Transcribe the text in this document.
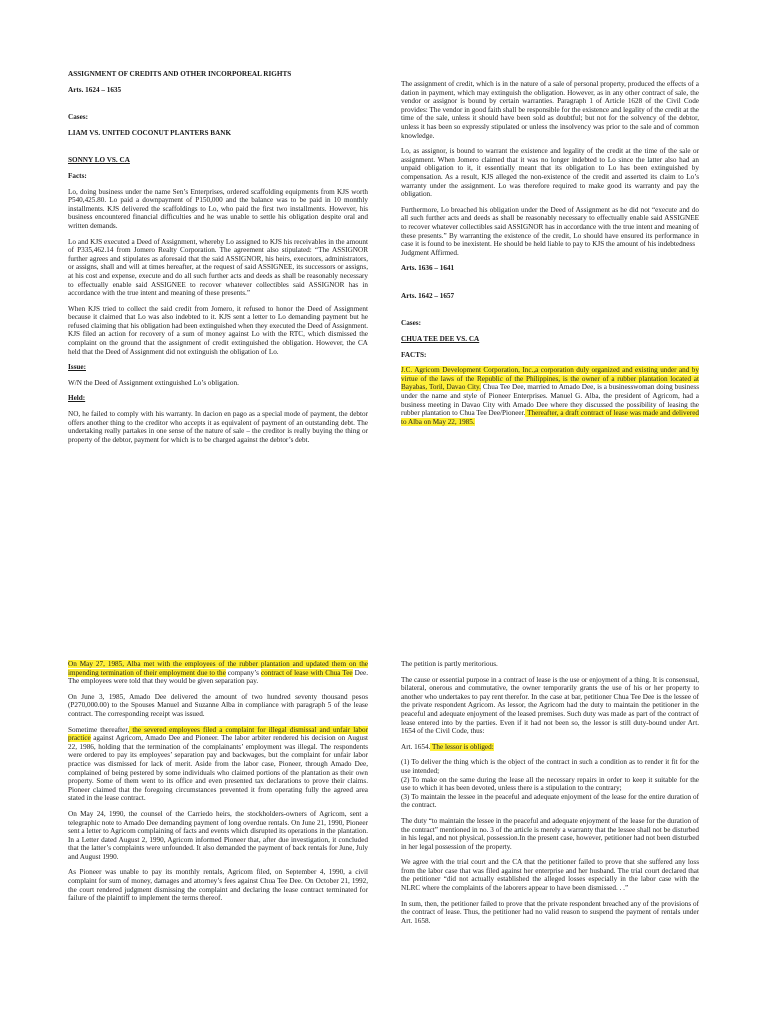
ASSIGNMENT OF CREDITS AND OTHER INCORPOREAL RIGHTS

Arts. 1624 – 1635

Cases:

LIAM VS. UNITED COCONUT PLANTERS BANK

SONNY LO VS. CA

Facts:

Lo, doing business under the name Sen’s Enterprises, ordered scaffolding equipments from KJS worth P540,425.80. Lo paid a downpayment of P150,000 and the balance was to be paid in 10 monthly installments. KJS delivered the scaffoldings to Lo, who paid the first two installments. However, his business encountered financial difficulties and he was unable to settle his obligation despite oral and written demands.

Lo and KJS executed a Deed of Assignment, whereby Lo assigned to KJS his receivables in the amount of P335,462.14 from Jomero Realty Corporation. The agreement also stipulated: “The ASSIGNOR further agrees and stipulates as aforesaid that the said ASSIGNOR, his heirs, executors, administrators, or assigns, shall and will at times hereafter, at the request of said ASSIGNEE, its successors or assigns, at his cost and expense, execute and do all such further acts and deeds as shall be reasonably necessary to effectually enable said ASSIGNEE to recover whatever collectibles said ASSIGNOR has in accordance with the true intent and meaning of these presents.”

When KJS tried to collect the said credit from Jomero, it refused to honor the Deed of Assignment because it claimed that Lo was also indebted to it. KJS sent a letter to Lo demanding payment but he refused claiming that his obligation had been extinguished when they executed the Deed of Assignment. KJS filed an action for recovery of a sum of money against Lo with the RTC, which dismissed the complaint on the ground that the assignment of credit extinguished the obligation. However, the CA held that the Deed of Assignment did not extinguish the obligation of Lo.

Issue:

W/N the Deed of Assignment extinguished Lo’s obligation.

Held:

NO, he failed to comply with his warranty. In dacion en pago as a special mode of payment, the debtor offers another thing to the creditor who accepts it as equivalent of payment of an outstanding debt. The undertaking really partakes in one sense of the nature of sale – the creditor is really buying the thing or property of the debtor, payment for which is to be charged against the debtor’s debt.

The assignment of credit, which is in the nature of a sale of personal property, produced the effects of a dation in payment, which may extinguish the obligation. However, as in any other contract of sale, the vendor or assignor is bound by certain warranties. Paragraph 1 of Article 1628 of the Civil Code provides: The vendor in good faith shall be responsible for the existence and legality of the credit at the time of the sale, unless it should have been sold as doubtful; but not for the solvency of the debtor, unless it has been so expressly stipulated or unless the insolvency was prior to the sale and of common knowledge.

Lo, as assignor, is bound to warrant the existence and legality of the credit at the time of the sale or assignment. When Jomero claimed that it was no longer indebted to Lo since the latter also had an unpaid obligation to it, it essentially meant that its obligation to Lo has been extinguished by compensation. As a result, KJS alleged the non-existence of the credit and asserted its claim to Lo’s warranty under the assignment. Lo was therefore required to make good its warranty and pay the obligation.

Furthermore, Lo breached his obligation under the Deed of Assignment as he did not “execute and do all such further acts and deeds as shall be reasonably necessary to effectually enable said ASSIGNEE to recover whatever collectibles said ASSIGNOR has in accordance with the true intent and meaning of these presents.” By warranting the existence of the credit, Lo should have ensured its performance in case it is found to be inexistent. He should be held liable to pay to KJS the amount of his indebtedness

Judgment Affirmed.

Arts. 1636 – 1641

Arts. 1642 – 1657

Cases:

CHUA TEE DEE VS. CA

FACTS:

J.C. Agricom Development Corporation, Inc.,a corporation duly organized and existing under and by virtue of the laws of the Republic of the Philippines, is the owner of a rubber plantation located at Bayabas, Toril, Davao City. Chua Tee Dee, married to Amado Dee, is a businesswoman doing business under the name and style of Pioneer Enterprises. Manuel G. Alba, the president of Agricom, had a business meeting in Davao City with Amado Dee where they discussed the possibility of leasing the rubber plantation to Chua Tee Dee/Pioneer. Thereafter, a draft contract of lease was made and delivered to Alba on May 22, 1985.

On May 27, 1985, Alba met with the employees of the rubber plantation and updated them on the impending termination of their employment due to the company’s contract of lease with Chua Tee Dee. The employees were told that they would be given separation pay.

On June 3, 1985, Amado Dee delivered the amount of two hundred seventy thousand pesos (P270,000.00) to the Spouses Manuel and Suzanne Alba in compliance with paragraph 5 of the lease contract. The corresponding receipt was issued.

Sometime thereafter, the severed employees filed a complaint for illegal dismissal and unfair labor practice against Agricom, Amado Dee and Pioneer. The labor arbiter rendered his decision on August 22, 1986, holding that the termination of the complainants’ employment was illegal. The respondents were ordered to pay its employees’ separation pay and backwages, but the complaint for unfair labor practice was dismissed for lack of merit. Aside from the labor case, Pioneer, through Amado Dee, complained of being pestered by some individuals who claimed portions of the plantation as their own property. Some of them went to its office and even presented tax declarations to prove their claims. Pioneer claimed that the foregoing circumstances prevented it from operating fully the agreed area stated in the lease contract.

On May 24, 1990, the counsel of the Carriedo heirs, the stockholders-owners of Agricom, sent a telegraphic note to Amado Dee demanding payment of long overdue rentals. On June 21, 1990, Pioneer sent a letter to Agricom complaining of facts and events which disrupted its operations in the plantation. In a Letter dated August 2, 1990, Agricom informed Pioneer that, after due investigation, it concluded that the latter’s complaints were unfounded. It also demanded the payment of back rentals for June, July and August 1990.

As Pioneer was unable to pay its monthly rentals, Agricom filed, on September 4, 1990, a civil complaint for sum of money, damages and attorney’s fees against Chua Tee Dee. On October 21, 1992, the court rendered judgment dismissing the complaint and declaring the lease contract terminated for failure of the plaintiff to implement the terms thereof.

The petition is partly meritorious.

The cause or essential purpose in a contract of lease is the use or enjoyment of a thing. It is consensual, bilateral, onerous and commutative, the owner temporarily grants the use of his or her property to another who undertakes to pay rent therefor. In the case at bar, petitioner Chua Tee Dee is the lessee of the private respondent Agricom. As lessor, the Agricom had the duty to maintain the petitioner in the peaceful and adequate enjoyment of the leased premises. Such duty was made as part of the contract of lease entered into by the parties. Even if it had not been so, the lessor is still duty-bound under Art. 1654 of the Civil Code, thus:

Art. 1654. The lessor is obliged:

(1) To deliver the thing which is the object of the contract in such a condition as to render it fit for the use intended;

(2) To make on the same during the lease all the necessary repairs in order to keep it suitable for the use to which it has been devoted, unless there is a stipulation to the contrary;

(3) To maintain the lessee in the peaceful and adequate enjoyment of the lease for the entire duration of the contract.

The duty “to maintain the lessee in the peaceful and adequate enjoyment of the lease for the duration of the contract” mentioned in no. 3 of the article is merely a warranty that the lessee shall not be disturbed in his legal, and not physical, possession.In the present case, however, petitioner had not been disturbed in her legal possession of the property.

We agree with the trial court and the CA that the petitioner failed to prove that she suffered any loss from the labor case that was filed against her enterprise and her husband. The trial court declared that the petitioner “did not actually established the alleged losses especially in the labor case with the NLRC where the complaints of the laborers appear to have been dismissed. . .”

In sum, then, the petitioner failed to prove that the private respondent breached any of the provisions of the contract of lease. Thus, the petitioner had no valid reason to suspend the payment of rentals under Art. 1658.
